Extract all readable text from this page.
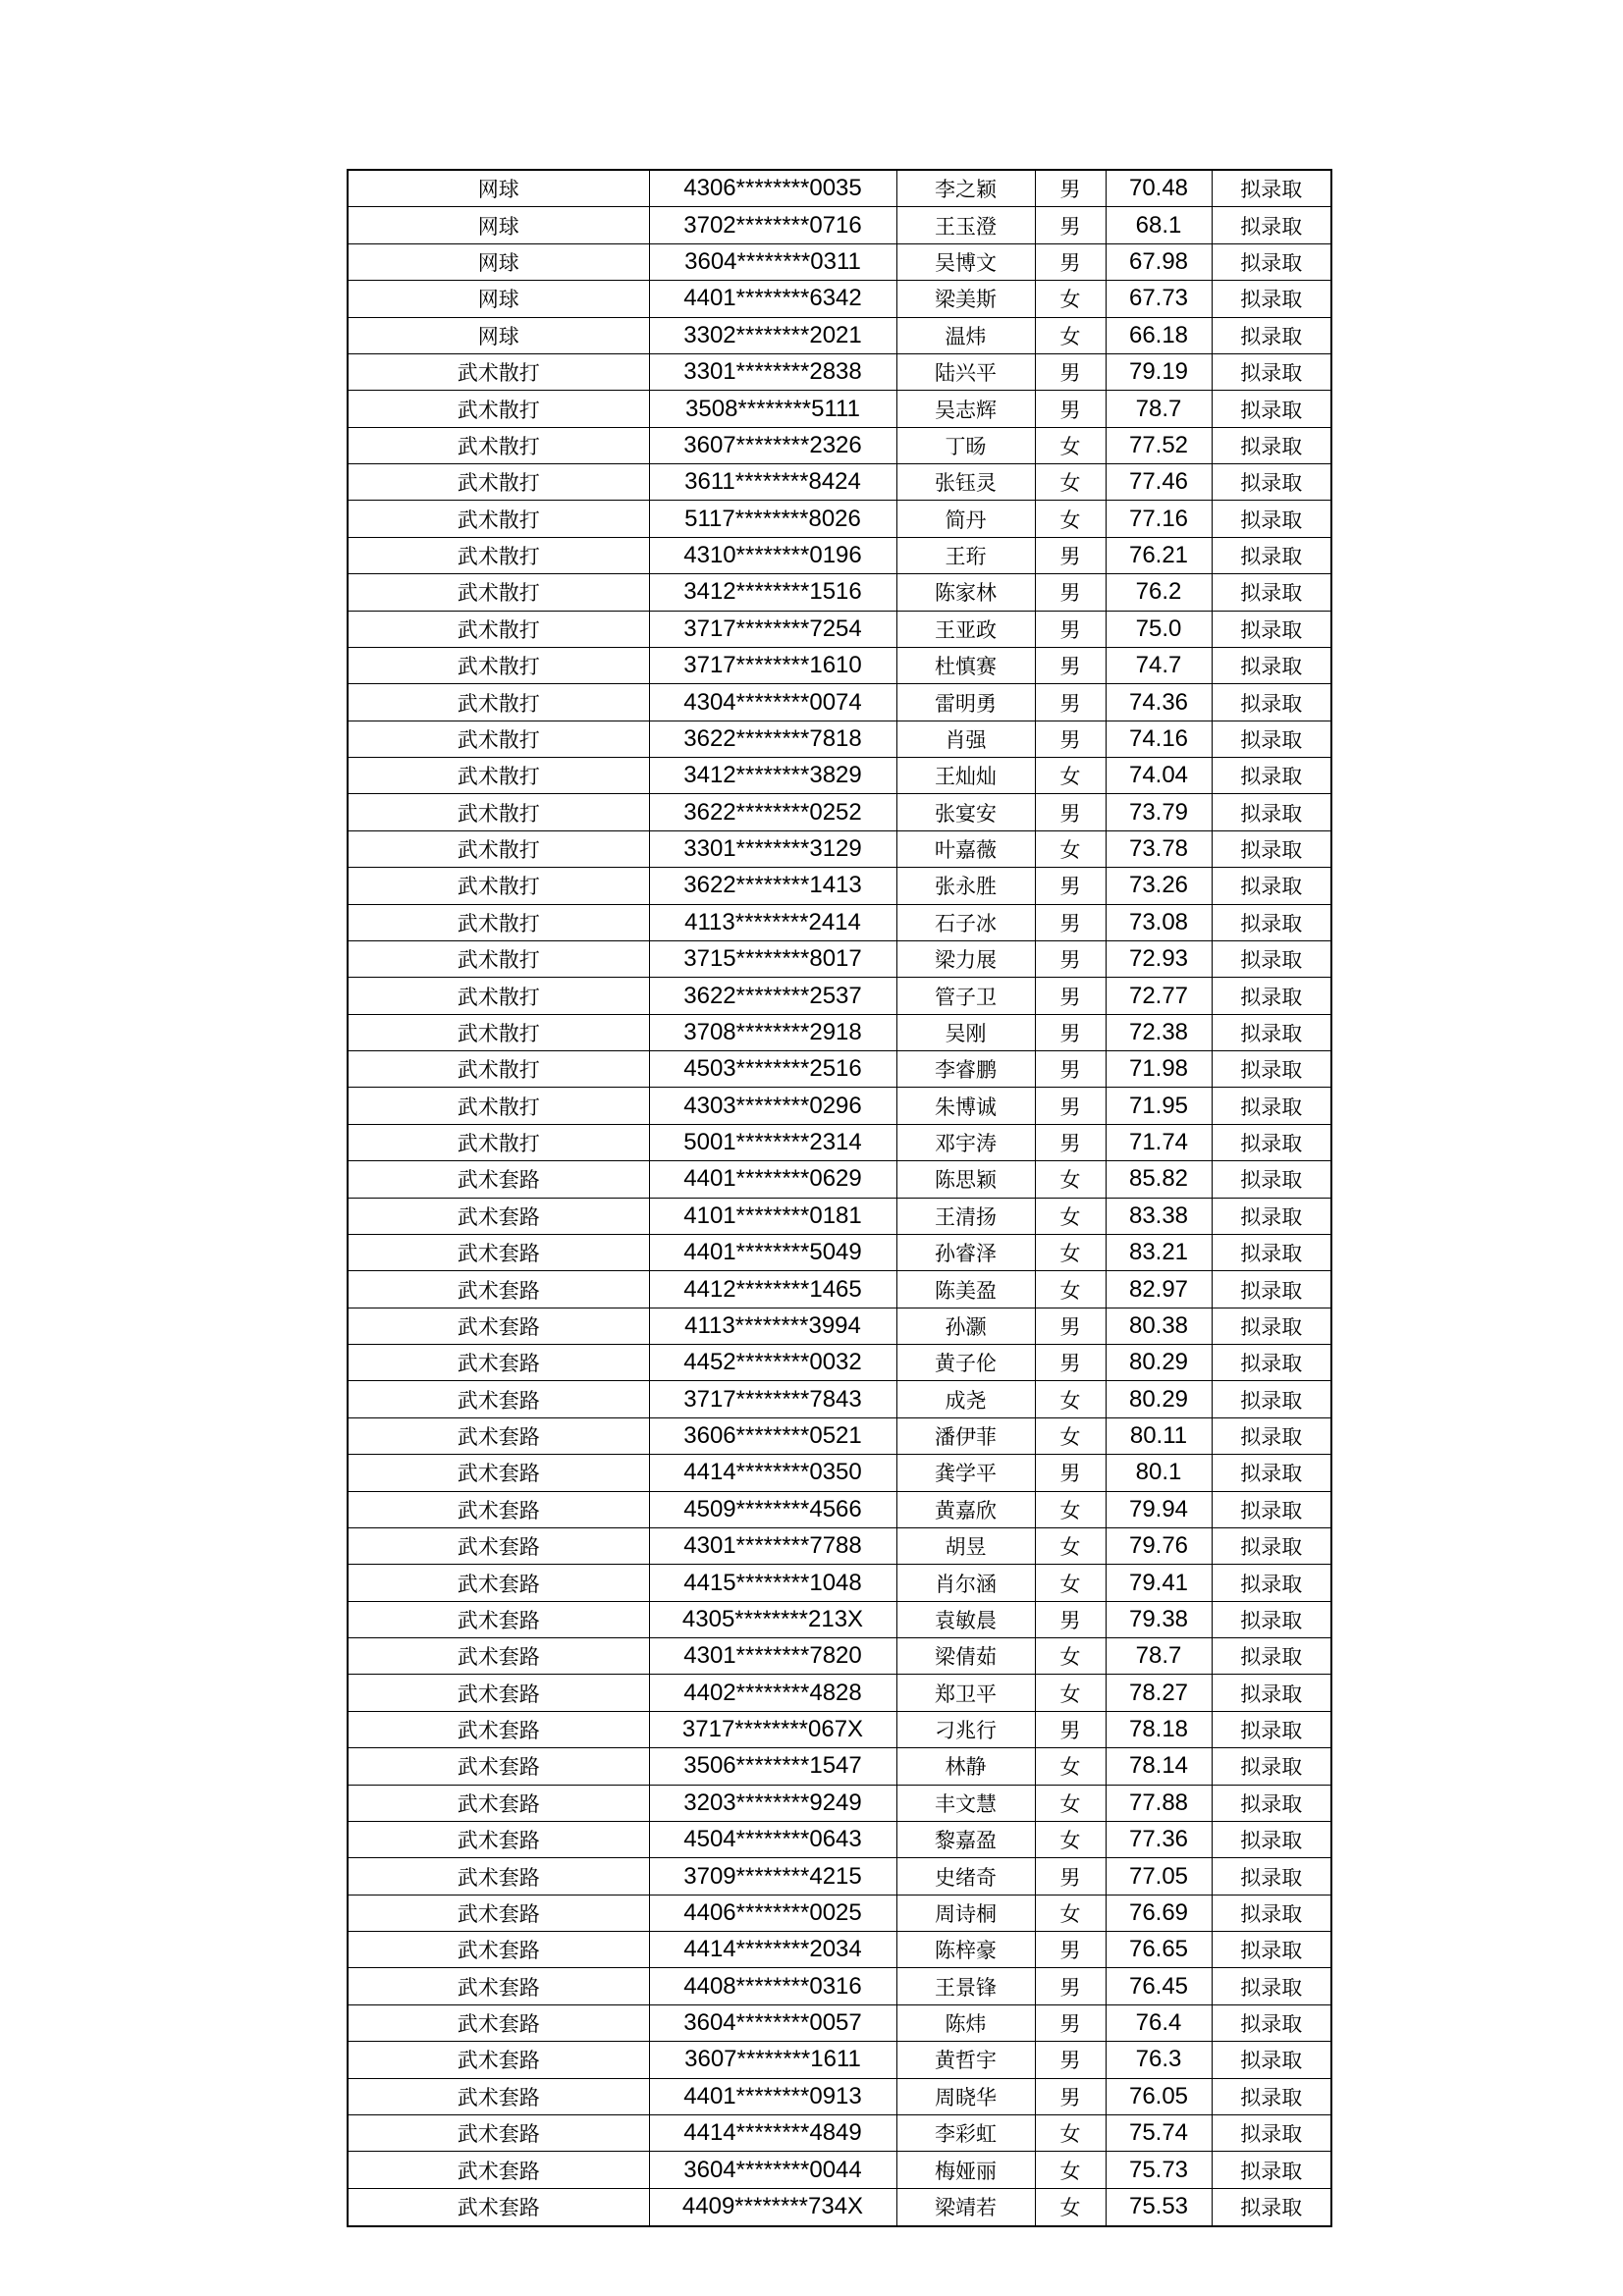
网球	4306********0035	李之颖	男	70.48	拟录取
网球	3702********0716	王玉澄	男	68.1	拟录取
网球	3604********0311	吴博文	男	67.98	拟录取
网球	4401********6342	梁美斯	女	67.73	拟录取
网球	3302********2021	温炜	女	66.18	拟录取
武术散打	3301********2838	陆兴平	男	79.19	拟录取
武术散打	3508********5111	吴志辉	男	78.7	拟录取
武术散打	3607********2326	丁旸	女	77.52	拟录取
武术散打	3611********8424	张钰灵	女	77.46	拟录取
武术散打	5117********8026	简丹	女	77.16	拟录取
武术散打	4310********0196	王珩	男	76.21	拟录取
武术散打	3412********1516	陈家林	男	76.2	拟录取
武术散打	3717********7254	王亚政	男	75.0	拟录取
武术散打	3717********1610	杜慎赛	男	74.7	拟录取
武术散打	4304********0074	雷明勇	男	74.36	拟录取
武术散打	3622********7818	肖强	男	74.16	拟录取
武术散打	3412********3829	王灿灿	女	74.04	拟录取
武术散打	3622********0252	张宴安	男	73.79	拟录取
武术散打	3301********3129	叶嘉薇	女	73.78	拟录取
武术散打	3622********1413	张永胜	男	73.26	拟录取
武术散打	4113********2414	石子冰	男	73.08	拟录取
武术散打	3715********8017	梁力展	男	72.93	拟录取
武术散打	3622********2537	管子卫	男	72.77	拟录取
武术散打	3708********2918	吴刚	男	72.38	拟录取
武术散打	4503********2516	李睿鹏	男	71.98	拟录取
武术散打	4303********0296	朱博诚	男	71.95	拟录取
武术散打	5001********2314	邓宇涛	男	71.74	拟录取
武术套路	4401********0629	陈思颖	女	85.82	拟录取
武术套路	4101********0181	王清扬	女	83.38	拟录取
武术套路	4401********5049	孙睿泽	女	83.21	拟录取
武术套路	4412********1465	陈美盈	女	82.97	拟录取
武术套路	4113********3994	孙灏	男	80.38	拟录取
武术套路	4452********0032	黄子伦	男	80.29	拟录取
武术套路	3717********7843	成尧	女	80.29	拟录取
武术套路	3606********0521	潘伊菲	女	80.11	拟录取
武术套路	4414********0350	龚学平	男	80.1	拟录取
武术套路	4509********4566	黄嘉欣	女	79.94	拟录取
武术套路	4301********7788	胡昱	女	79.76	拟录取
武术套路	4415********1048	肖尔涵	女	79.41	拟录取
武术套路	4305********213X	袁敏晨	男	79.38	拟录取
武术套路	4301********7820	梁倩茹	女	78.7	拟录取
武术套路	4402********4828	郑卫平	女	78.27	拟录取
武术套路	3717********067X	刁兆行	男	78.18	拟录取
武术套路	3506********1547	林静	女	78.14	拟录取
武术套路	3203********9249	丰文慧	女	77.88	拟录取
武术套路	4504********0643	黎嘉盈	女	77.36	拟录取
武术套路	3709********4215	史绪奇	男	77.05	拟录取
武术套路	4406********0025	周诗桐	女	76.69	拟录取
武术套路	4414********2034	陈梓豪	男	76.65	拟录取
武术套路	4408********0316	王景锋	男	76.45	拟录取
武术套路	3604********0057	陈炜	男	76.4	拟录取
武术套路	3607********1611	黄哲宇	男	76.3	拟录取
武术套路	4401********0913	周晓华	男	76.05	拟录取
武术套路	4414********4849	李彩虹	女	75.74	拟录取
武术套路	3604********0044	梅娅丽	女	75.73	拟录取
武术套路	4409********734X	梁靖若	女	75.53	拟录取
